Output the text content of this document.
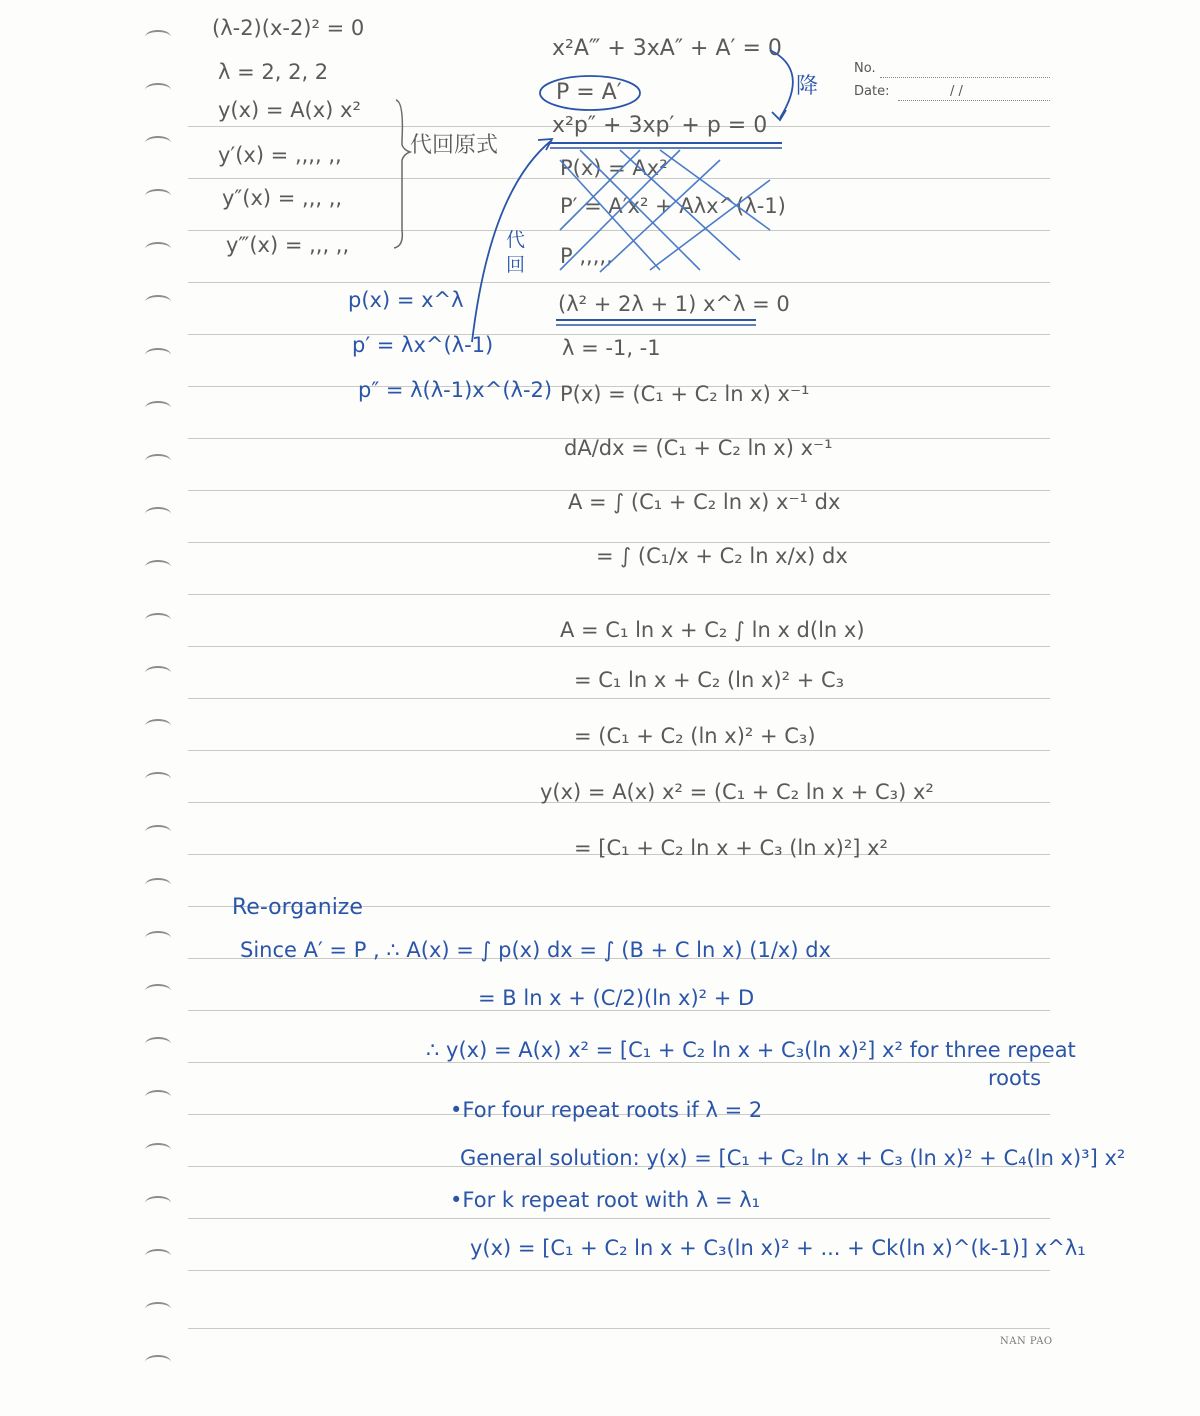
No.
Date:	/ /
(λ-2)(x-2)² = 0
λ = 2, 2, 2
y(x) = A(x) x²
y′(x) = ,,,, ,,
y″(x) = ,,, ,,
y‴(x) = ,,, ,,
代回原式
x²A‴ + 3xA″ + A′ = 0
P = A′	降
x²p″ + 3xp′ + p = 0
P(x) = Ax²
P′ = A′x² + Aλx^(λ-1)
P ,,,,,
代回
p(x) = x^λ
p′ = λx^(λ-1)
p″ = λ(λ-1)x^(λ-2)
(λ² + 2λ + 1) x^λ = 0
λ = -1, -1
P(x) = (C₁ + C₂ ln x) x⁻¹
dA/dx = (C₁ + C₂ ln x) x⁻¹
A = ∫ (C₁ + C₂ ln x) x⁻¹ dx
= ∫ (C₁/x + C₂ ln x/x) dx
A = C₁ ln x + C₂ ∫ ln x d(ln x)
= C₁ ln x + C₂ (ln x)² + C₃
= (C₁ + C₂ (ln x)² + C₃)
y(x) = A(x) x² = (C₁ + C₂ ln x + C₃) x²
= [C₁ + C₂ ln x + C₃ (ln x)²] x²
Re-organize
Since A′ = P , ∴ A(x) = ∫ p(x) dx = ∫ (B + C ln x) (1/x) dx
= B ln x + (C/2)(ln x)² + D
∴ y(x) = A(x) x² = [C₁ + C₂ ln x + C₃(ln x)²] x² for three repeat
roots
•For four repeat roots if λ = 2
General solution: y(x) = [C₁ + C₂ ln x + C₃ (ln x)² + C₄(ln x)³] x²
•For k repeat root with λ = λ₁
y(x) = [C₁ + C₂ ln x + C₃(ln x)² + ... + Ck(ln x)^(k-1)] x^λ₁
NAN PAO
